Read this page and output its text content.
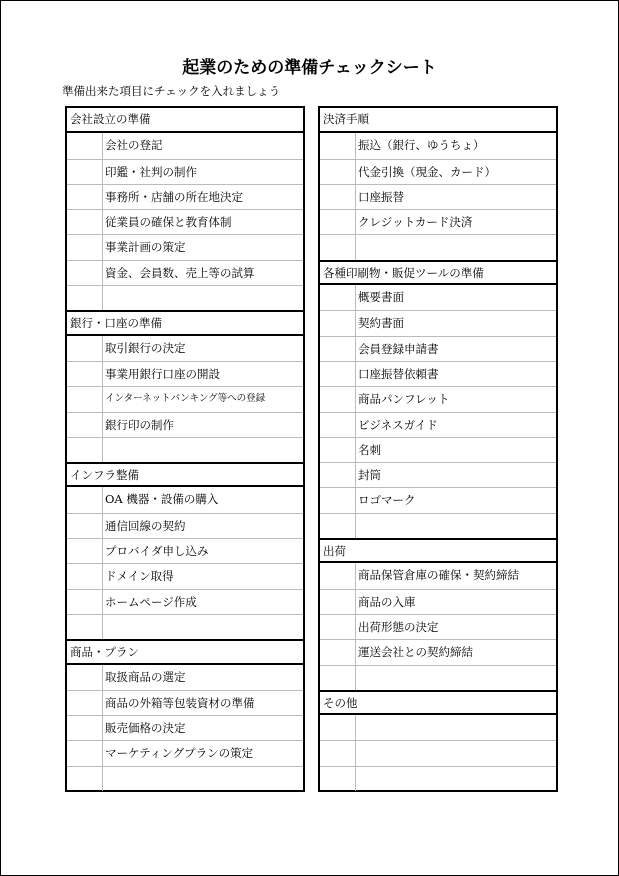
起業のための準備チェックシート
準備出来た項目にチェックを入れましょう
会社設立の準備
会社の登記
印鑑・社判の制作
事務所・店舗の所在地決定
従業員の確保と教育体制
事業計画の策定
資金、会員数、売上等の試算
銀行・口座の準備
取引銀行の決定
事業用銀行口座の開設
インターネットバンキング等への登録
銀行印の制作
インフラ整備
OA 機器・設備の購入
通信回線の契約
プロバイダ申し込み
ドメイン取得
ホームページ作成
商品・プラン
取扱商品の選定
商品の外箱等包装資材の準備
販売価格の決定
マーケティングプランの策定
決済手順
振込（銀行、ゆうちょ）
代金引換（現金、カード）
口座振替
クレジットカード決済
各種印刷物・販促ツールの準備
概要書面
契約書面
会員登録申請書
口座振替依頼書
商品パンフレット
ビジネスガイド
名刺
封筒
ロゴマーク
出荷
商品保管倉庫の確保・契約締結
商品の入庫
出荷形態の決定
運送会社との契約締結
その他
